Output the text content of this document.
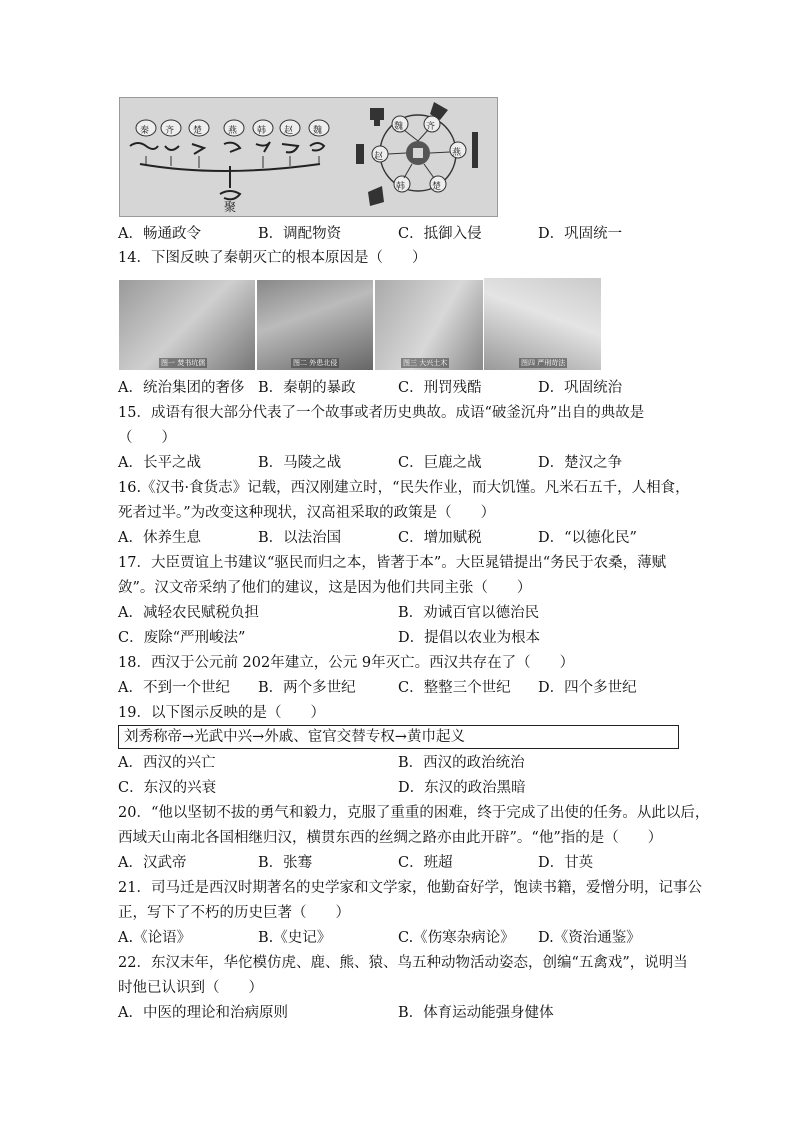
秦 齐 楚	燕 韩 赵 魏
聚
魏	齐
燕
楚
韩
赵
A．畅通政令	B．调配物资	C．抵御入侵	D．巩固统一
14．下图反映了秦朝灭亡的根本原因是（　　）
图一 焚书坑儒	图二 外患北侵	图三 大兴土木	图四 严刑苛法
A．统治集团的奢侈 B．秦朝的暴政	C．刑罚残酷	D．巩固统治
15．成语有很大部分代表了一个故事或者历史典故。成语“破釜沉舟”出自的典故是
（　　）
A．长平之战	B．马陵之战	C．巨鹿之战	D．楚汉之争
16.《汉书·食货志》记载，西汉刚建立时，“民失作业，而大饥馑。凡米石五千，人相食，
死者过半。”为改变这种现状，汉高祖采取的政策是（　　）
A．休养生息	B．以法治国	C．增加赋税	D．“以德化民”
17．大臣贾谊上书建议“驱民而归之本，皆著于本”。大臣晁错提出“务民于农桑，薄赋
敛”。汉文帝采纳了他们的建议，这是因为他们共同主张（　　）
A．减轻农民赋税负担	B．劝诫百官以德治民
C．废除“严刑峻法”	D．提倡以农业为根本
18．西汉于公元前 202年建立，公元 9年灭亡。西汉共存在了（　　）
A．不到一个世纪 B．两个多世纪	C．整整三个世纪 D．四个多世纪
19．以下图示反映的是（　　）
刘秀称帝→光武中兴→外戚、宦官交替专权→黄巾起义
A．西汉的兴亡	B．西汉的政治统治
C．东汉的兴衰	D．东汉的政治黑暗
20．“他以坚韧不拔的勇气和毅力，克服了重重的困难，终于完成了出使的任务。从此以后，
西域天山南北各国相继归汉，横贯东西的丝绸之路亦由此开辟”。“他”指的是（　　）
A．汉武帝	B．张骞	C．班超	D．甘英
21．司马迁是西汉时期著名的史学家和文学家，他勤奋好学，饱读书籍，爱憎分明，记事公
正，写下了不朽的历史巨著（　　）
A.《论语》	B.《史记》	C.《伤寒杂病论》 D.《资治通鉴》
22．东汉末年，华佗模仿虎、鹿、熊、猿、鸟五种动物活动姿态，创编“五禽戏”，说明当
时他已认识到（　　）
A．中医的理论和治病原则	B．体育运动能强身健体
